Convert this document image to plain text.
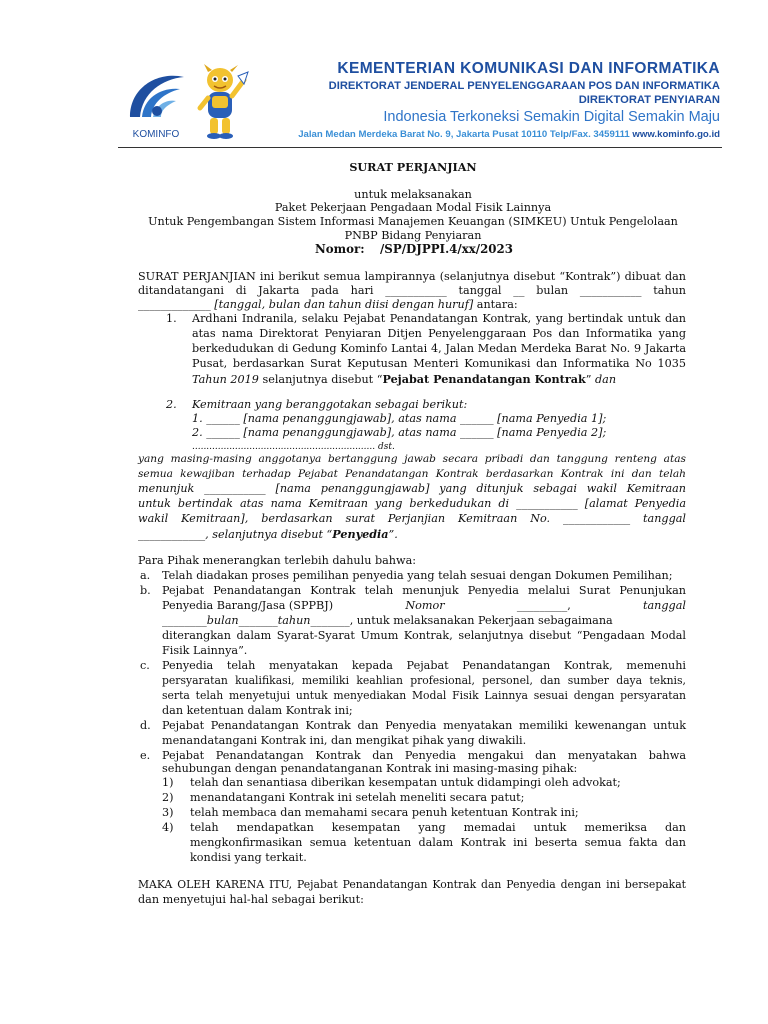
KOMINFO
KEMENTERIAN KOMUNIKASI DAN INFORMATIKA
DIREKTORAT JENDERAL PENYELENGGARAAN POS DAN INFORMATIKA
DIREKTORAT PENYIARAN
Indonesia Terkoneksi Semakin Digital Semakin Maju
Jalan Medan Merdeka Barat No. 9, Jakarta Pusat 10110 Telp/Fax. 3459111 www.kominfo.go.id
SURAT PERJANJIAN
untuk melaksanakan
Paket Pekerjaan Pengadaan Modal Fisik Lainnya
Untuk Pengembangan Sistem Informasi Manajemen Keuangan (SIMKEU) Untuk Pengelolaan
PNBP Bidang Penyiaran
Nomor: /SP/DJPPI.4/xx/2023
SURAT PERJANJIAN ini berikut semua lampirannya (selanjutnya disebut “Kontrak”) dibuat dan
ditandatangani di Jakarta pada hari ___________ tanggal __ bulan ___________ tahun
_____________ [tanggal, bulan dan tahun diisi dengan huruf] antara:
1. Ardhani Indranila, selaku Pejabat Penandatangan Kontrak, yang bertindak untuk dan
atas nama Direktorat Penyiaran Ditjen Penyelenggaraan Pos dan Informatika yang
berkedudukan di Gedung Kominfo Lantai 4, Jalan Medan Merdeka Barat No. 9 Jakarta
Pusat, berdasarkan Surat Keputusan Menteri Komunikasi dan Informatika No 1035
Tahun 2019 selanjutnya disebut “Pejabat Penandatangan Kontrak” dan
2. Kemitraan yang beranggotakan sebagai berikut:
1. ______ [nama penanggungjawab], atas nama ______ [nama Penyedia 1];
2. ______ [nama penanggungjawab], atas nama ______ [nama Penyedia 2];
................................................................ dst.
yang masing-masing anggotanya bertanggung jawab secara pribadi dan tanggung renteng atas
semua kewajiban terhadap Pejabat Penandatangan Kontrak berdasarkan Kontrak ini dan telah
menunjuk ___________ [nama penanggungjawab] yang ditunjuk sebagai wakil Kemitraan
untuk bertindak atas nama Kemitraan yang berkedudukan di ___________ [alamat Penyedia
wakil Kemitraan], berdasarkan surat Perjanjian Kemitraan No. ____________ tanggal
____________, selanjutnya disebut “Penyedia”.
Para Pihak menerangkan terlebih dahulu bahwa:
a. Telah diadakan proses pemilihan penyedia yang telah sesuai dengan Dokumen Pemilihan;
b. Pejabat Penandatangan Kontrak telah menunjuk Penyedia melalui Surat Penunjukan
Penyedia Barang/Jasa (SPPBJ)	Nomor	_________,	tanggal
________bulan_______tahun_______, untuk melaksanakan Pekerjaan sebagaimana
diterangkan dalam Syarat-Syarat Umum Kontrak, selanjutnya disebut “Pengadaan Modal
Fisik Lainnya”.
c. Penyedia telah menyatakan kepada Pejabat Penandatangan Kontrak, memenuhi
persyaratan kualifikasi, memiliki keahlian profesional, personel, dan sumber daya teknis,
serta telah menyetujui untuk menyediakan Modal Fisik Lainnya sesuai dengan persyaratan
dan ketentuan dalam Kontrak ini;
d. Pejabat Penandatangan Kontrak dan Penyedia menyatakan memiliki kewenangan untuk
menandatangani Kontrak ini, dan mengikat pihak yang diwakili.
e. Pejabat Penandatangan Kontrak dan Penyedia mengakui dan menyatakan bahwa
sehubungan dengan penandatanganan Kontrak ini masing-masing pihak:
1) telah dan senantiasa diberikan kesempatan untuk didampingi oleh advokat;
2) menandatangani Kontrak ini setelah meneliti secara patut;
3) telah membaca dan memahami secara penuh ketentuan Kontrak ini;
4) telah mendapatkan kesempatan yang memadai untuk memeriksa dan
mengkonfirmasikan semua ketentuan dalam Kontrak ini beserta semua fakta dan
kondisi yang terkait.
MAKA OLEH KARENA ITU, Pejabat Penandatangan Kontrak dan Penyedia dengan ini bersepakat
dan menyetujui hal-hal sebagai berikut:
